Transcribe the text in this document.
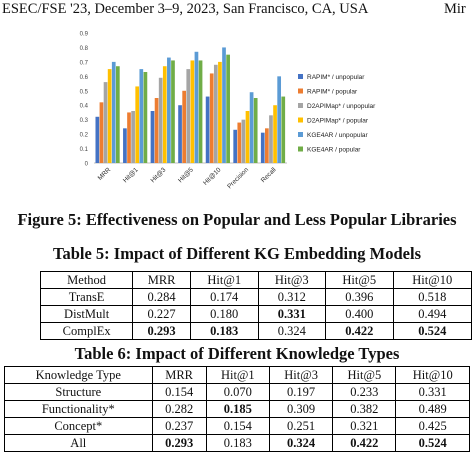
ESEC/FSE '23, December 3–9, 2023, San Francisco, CA, USA	Mir
0
0.1
0.2
0.3
0.4
0.5
0.6
0.7
0.8
0.9
MRR Hit@1 Hit@3 Hit@5 Hit@10 Precision Recall
RAPIM* / unpopular
RAPIM* / popular
D2APIMap* / unpopular
D2APIMap* / popular
KGE4AR / unpopular
KGE4AR / popular
Figure 5: Effectiveness on Popular and Less Popular Libraries
Table 5: Impact of Different KG Embedding Models
Method	MRR	Hit@1	Hit@3	Hit@5	Hit@10
TransE	0.284	0.174	0.312	0.396	0.518
DistMult	0.227	0.180	0.331	0.400	0.494
ComplEx	0.293	0.183	0.324	0.422	0.524
Table 6: Impact of Different Knowledge Types
Knowledge Type	MRR	Hit@1	Hit@3	Hit@5	Hit@10
Structure	0.154	0.070	0.197	0.233	0.331
Functionality*	0.282	0.185	0.309	0.382	0.489
Concept*	0.237	0.154	0.251	0.321	0.425
All	0.293	0.183	0.324	0.422	0.524
